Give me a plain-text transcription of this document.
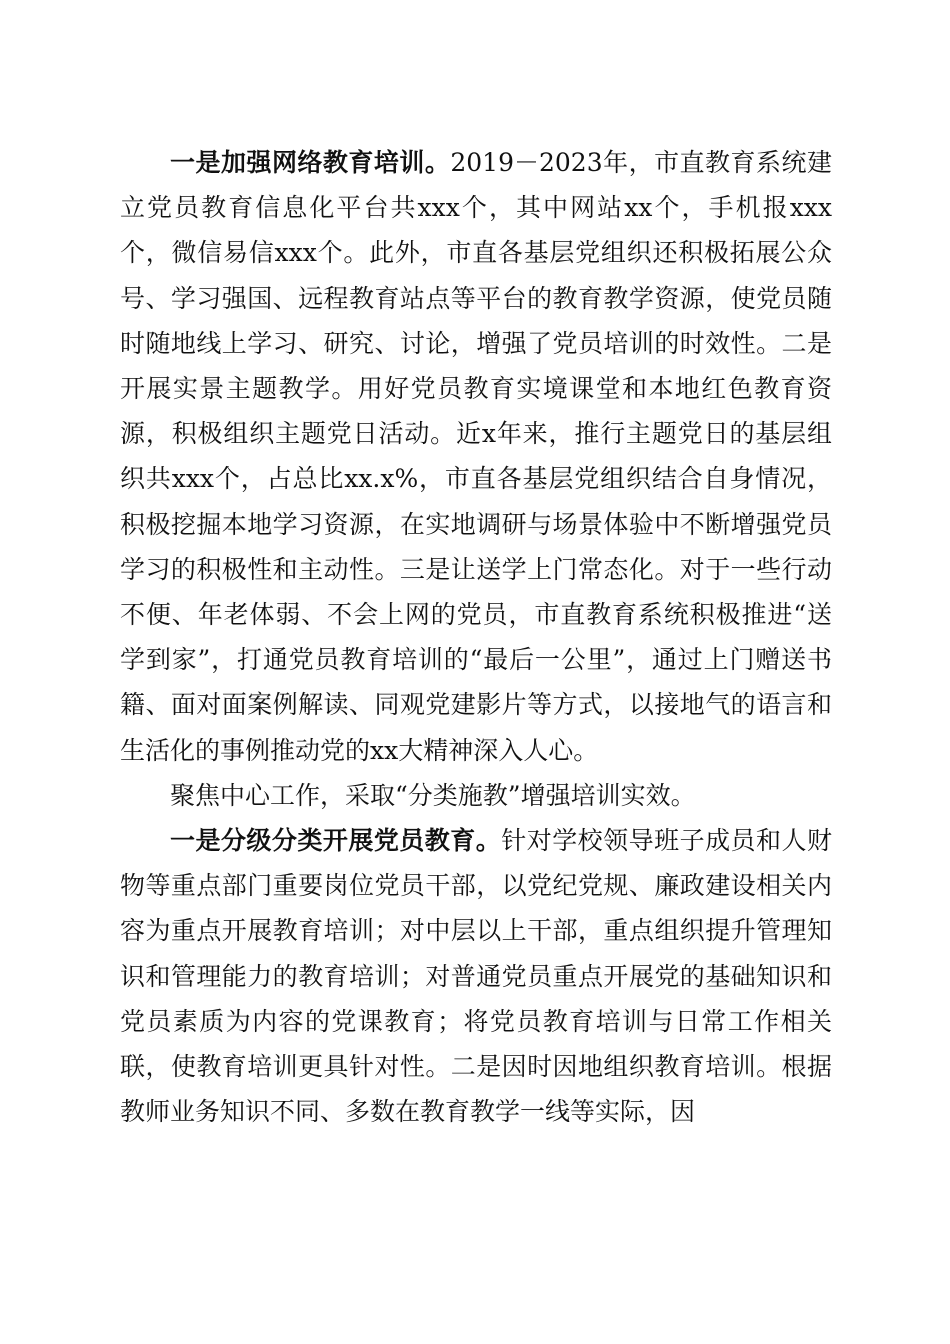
一是加强网络教育培训。2019－2023年，市直教育系统建立党员教育信息化平台共xxx个，其中网站xx个，手机报xxx个，微信易信xxx个。此外，市直各基层党组织还积极拓展公众号、学习强国、远程教育站点等平台的教育教学资源，使党员随时随地线上学习、研究、讨论，增强了党员培训的时效性。二是开展实景主题教学。用好党员教育实境课堂和本地红色教育资源，积极组织主题党日活动。近x年来，推行主题党日的基层组织共xxx个，占总比xx.x%，市直各基层党组织结合自身情况，积极挖掘本地学习资源，在实地调研与场景体验中不断增强党员学习的积极性和主动性。三是让送学上门常态化。对于一些行动不便、年老体弱、不会上网的党员，市直教育系统积极推进“送学到家”，打通党员教育培训的“最后一公里”，通过上门赠送书籍、面对面案例解读、同观党建影片等方式，以接地气的语言和生活化的事例推动党的xx大精神深入人心。

聚焦中心工作，采取“分类施教”增强培训实效。

一是分级分类开展党员教育。针对学校领导班子成员和人财物等重点部门重要岗位党员干部，以党纪党规、廉政建设相关内容为重点开展教育培训；对中层以上干部，重点组织提升管理知识和管理能力的教育培训；对普通党员重点开展党的基础知识和党员素质为内容的党课教育；将党员教育培训与日常工作相关联，使教育培训更具针对性。二是因时因地组织教育培训。根据教师业务知识不同、多数在教育教学一线等实际，因
